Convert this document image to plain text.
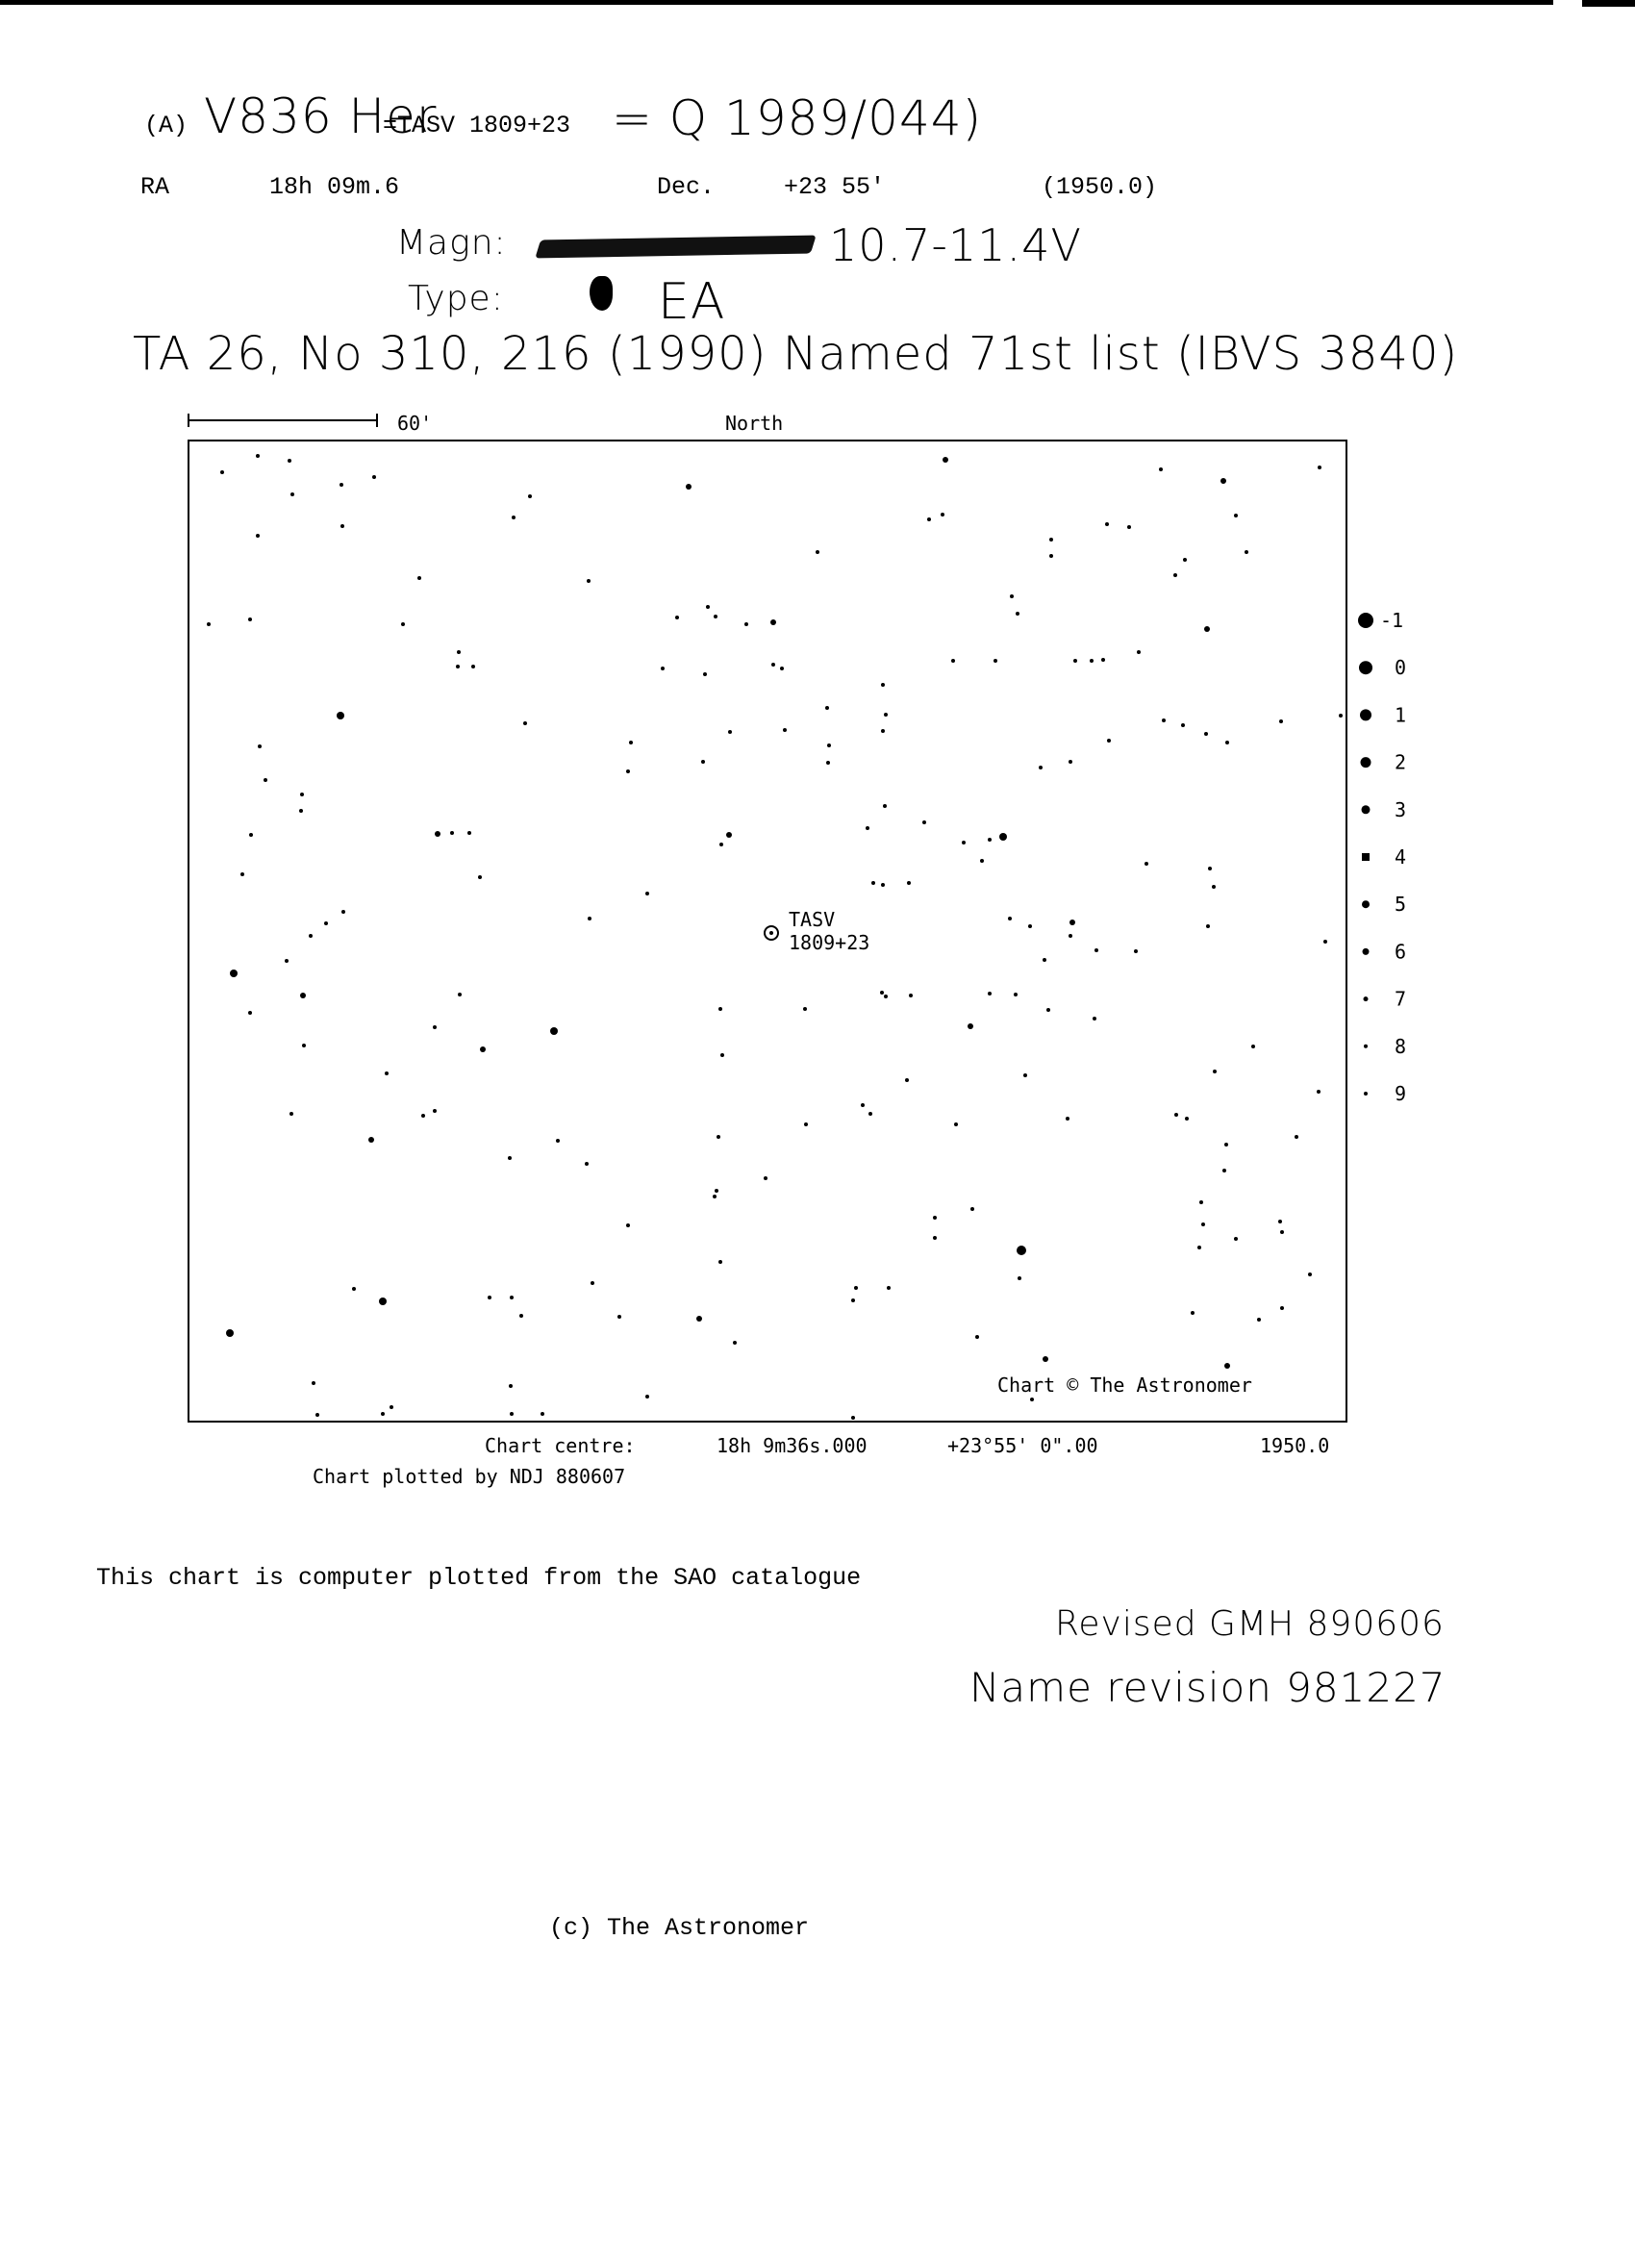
(A) V836 Her
=TASV 1809+23 = Q 1989/044)
RA	18h 09m.6	Dec.	+23 55'	(1950.0)
Magn:	10.7-11.4V
Type:	EA
TA 26, No 310, 216 (1990) Named 71st list (IBVS 3840)
60'	North
TASV
1809+23
Chart © The Astronomer
-1
0
1
2
3
4
5
6
7
8
9
Chart centre:	18h 9m36s.000	+23°55' 0".00	1950.0
Chart plotted by NDJ 880607
This chart is computer plotted from the SAO catalogue
Revised GMH 890606
Name revision 981227
(c) The Astronomer
